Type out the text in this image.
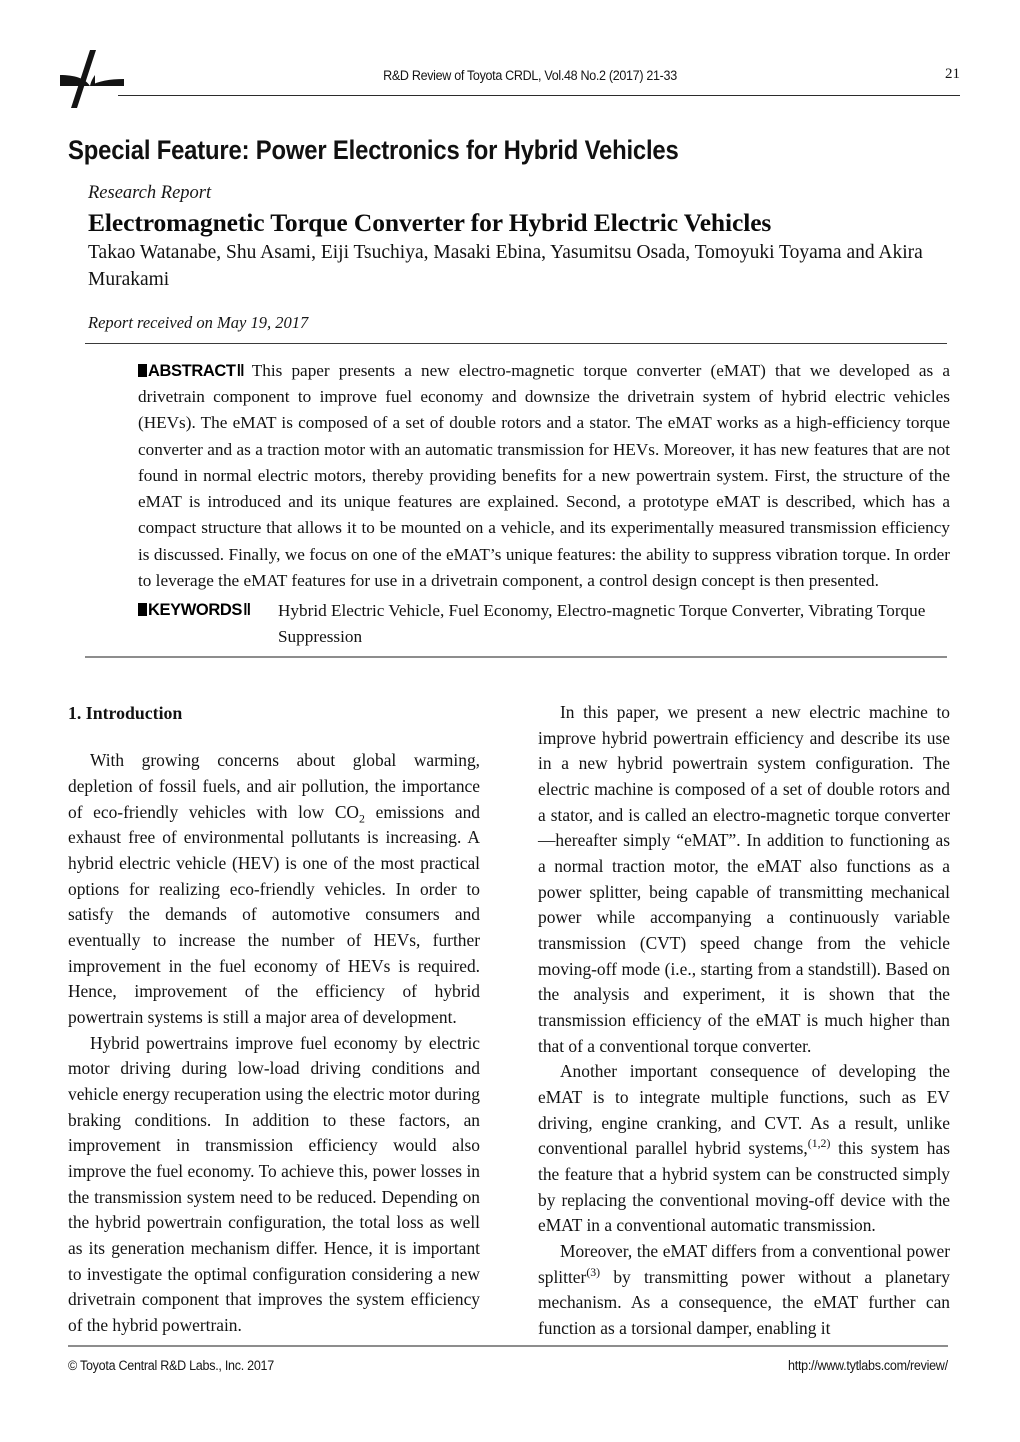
R&D Review of Toyota CRDL, Vol.48 No.2 (2017) 21-33	21
Special Feature: Power Electronics for Hybrid Vehicles
Research Report
Electromagnetic Torque Converter for Hybrid Electric Vehicles
Takao Watanabe, Shu Asami, Eiji Tsuchiya, Masaki Ebina, Yasumitsu Osada, Tomoyuki Toyama and Akira Murakami
Report received on May 19, 2017
ABSTRACT‖ This paper presents a new electro-magnetic torque converter (eMAT) that we developed as a drivetrain component to improve fuel economy and downsize the drivetrain system of hybrid electric vehicles (HEVs). The eMAT is composed of a set of double rotors and a stator. The eMAT works as a high-efficiency torque converter and as a traction motor with an automatic transmission for HEVs. Moreover, it has new features that are not found in normal electric motors, thereby providing benefits for a new powertrain system. First, the structure of the eMAT is introduced and its unique features are explained. Second, a prototype eMAT is described, which has a compact structure that allows it to be mounted on a vehicle, and its experimentally measured transmission efficiency is discussed. Finally, we focus on one of the eMAT’s unique features: the ability to suppress vibration torque. In order to leverage the eMAT features for use in a drivetrain component, a control design concept is then presented.
KEYWORDS‖	Hybrid Electric Vehicle, Fuel Economy, Electro-magnetic Torque Converter, Vibrating Torque Suppression
1. Introduction

With growing concerns about global warming, depletion of fossil fuels, and air pollution, the importance of eco-friendly vehicles with low $CO_2$ emissions and exhaust free of environmental pollutants is increasing. A hybrid electric vehicle (HEV) is one of the most practical options for realizing eco-friendly vehicles. In order to satisfy the demands of automotive consumers and eventually to increase the number of HEVs, further improvement in the fuel economy of HEVs is required. Hence, improvement of the efficiency of hybrid powertrain systems is still a major area of development.

Hybrid powertrains improve fuel economy by electric motor driving during low-load driving conditions and vehicle energy recuperation using the electric motor during braking conditions. In addition to these factors, an improvement in transmission efficiency would also improve the fuel economy. To achieve this, power losses in the transmission system need to be reduced. Depending on the hybrid powertrain configuration, the total loss as well as its generation mechanism differ. Hence, it is important to investigate the optimal configuration considering a new drivetrain component that improves the system efficiency of the hybrid powertrain.

In this paper, we present a new electric machine to improve hybrid powertrain efficiency and describe its use in a new hybrid powertrain system configuration. The electric machine is composed of a set of double rotors and a stator, and is called an electro-magnetic torque converter—hereafter simply “eMAT”. In addition to functioning as a normal traction motor, the eMAT also functions as a power splitter, being capable of transmitting mechanical power while accompanying a continuously variable transmission (CVT) speed change from the vehicle moving-off mode (i.e., starting from a standstill). Based on the analysis and experiment, it is shown that the transmission efficiency of the eMAT is much higher than that of a conventional torque converter.

Another important consequence of developing the eMAT is to integrate multiple functions, such as EV driving, engine cranking, and CVT. As a result, unlike conventional parallel hybrid systems,$^{(1,2)}$ this system has the feature that a hybrid system can be constructed simply by replacing the conventional moving-off device with the eMAT in a conventional automatic transmission.

Moreover, the eMAT differs from a conventional power splitter$^{(3)}$ by transmitting power without a planetary mechanism. As a consequence, the eMAT further can function as a torsional damper, enabling it

© Toyota Central R&D Labs., Inc. 2017	http://www.tytlabs.com/review/
